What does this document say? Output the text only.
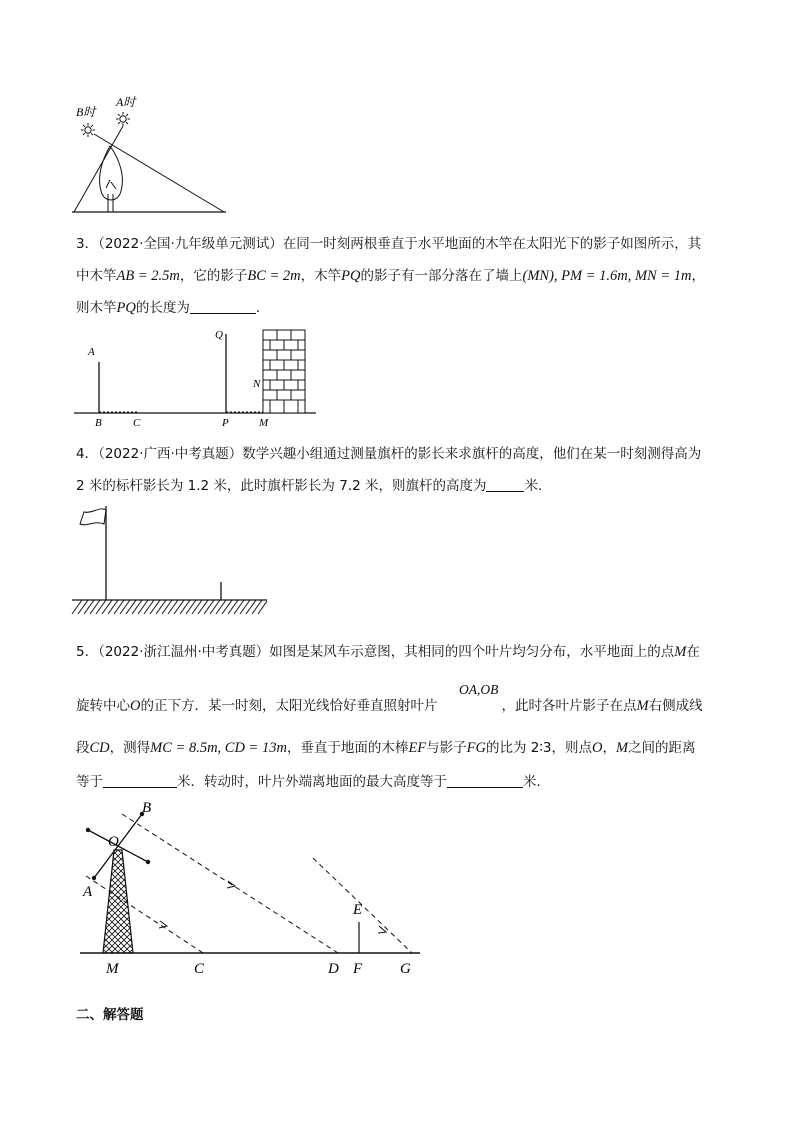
B时
A时
3．（2022·全国·九年级单元测试）在同一时刻两根垂直于水平地面的木竿在太阳光下的影子如图所示，其
中木竿AB = 2.5m，它的影子BC = 2m，木竿PQ的影子有一部分落在了墙上(MN), PM = 1.6m, MN = 1m，
则木竿PQ的长度为	.
A
B	C
Q
P
N
M
4．（2022·广西·中考真题）数学兴趣小组通过测量旗杆的影长来求旗杆的高度，他们在某一时刻测得高为
2 米的标杆影长为 1.2 米，此时旗杆影长为 7.2 米，则旗杆的高度为	米.
5．（2022·浙江温州·中考真题）如图是某风车示意图，其相同的四个叶片均匀分布，水平地面上的点M在
OA,OB
旋转中心O的正下方．某一时刻，太阳光线恰好垂直照射叶片	，此时各叶片影子在点M右侧成线
段CD，测得MC = 8.5m, CD = 13m，垂直于地面的木棒EF与影子FG的比为 2∶3，则点O，M之间的距离
等于	米．转动时，叶片外端离地面的最大高度等于	米．
B
O
A
M	C	D F	G
E
二、解答题
